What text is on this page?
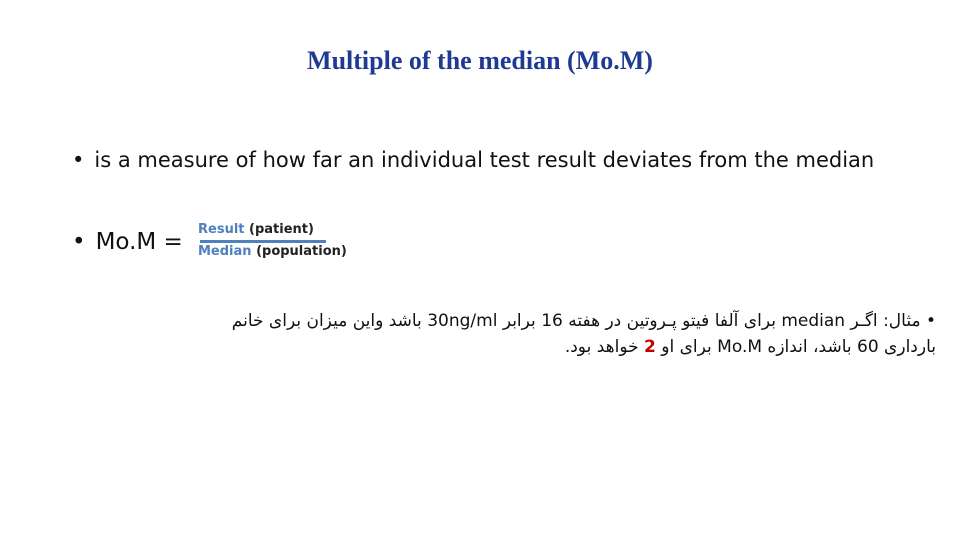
Multiple of the median (Mo.M)
• is a measure of how far an individual test result deviates from the median
• Mo.M = Result (patient)
Median (population)
• مثال: اگـر median برای آلفا فیتو پـروتین در هفته 16 برابر 30ng/ml باشد واین میزان برای خانم
بارداری 60 باشد، اندازه Mo.M برای او 2 خواهد بود.
